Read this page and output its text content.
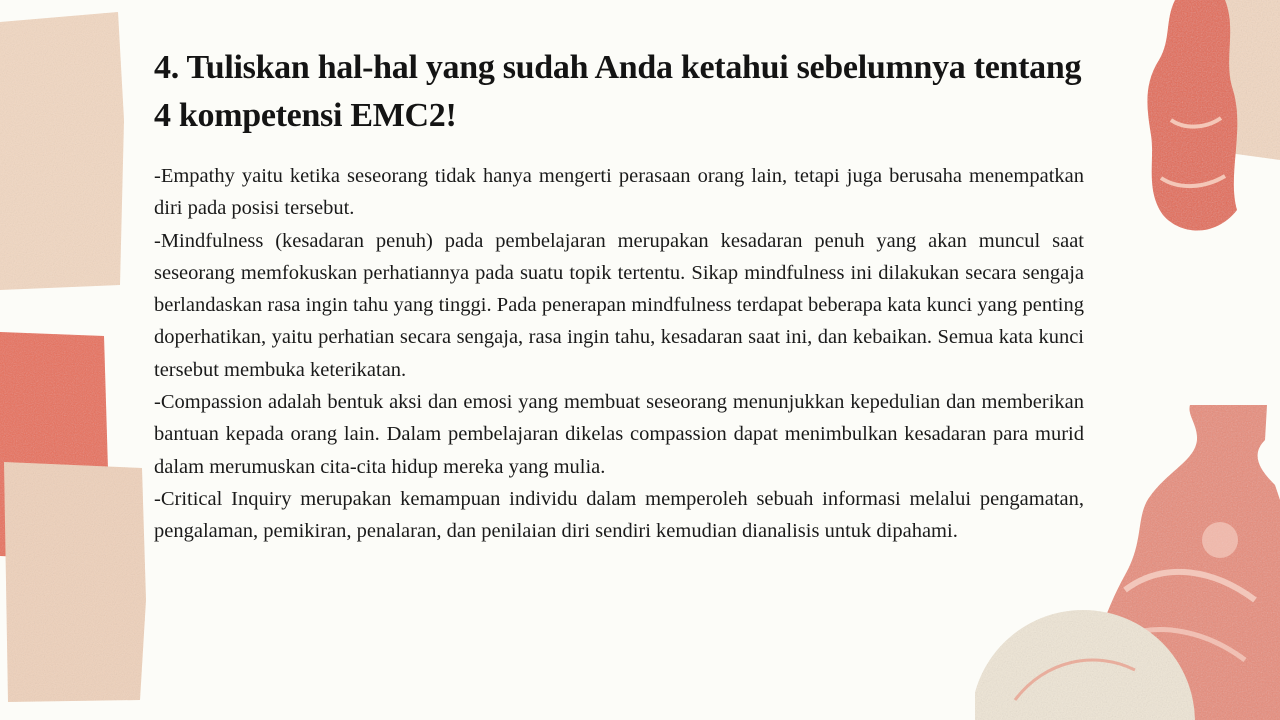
4. Tuliskan hal-hal yang sudah Anda ketahui sebelumnya tentang 4 kompetensi EMC2!

-Empathy yaitu ketika seseorang tidak hanya mengerti perasaan orang lain, tetapi juga berusaha menempatkan diri pada posisi tersebut.

-Mindfulness (kesadaran penuh) pada pembelajaran merupakan kesadaran penuh yang akan muncul saat seseorang memfokuskan perhatiannya pada suatu topik tertentu. Sikap mindfulness ini dilakukan secara sengaja berlandaskan rasa ingin tahu yang tinggi. Pada penerapan mindfulness terdapat beberapa kata kunci yang penting doperhatikan, yaitu perhatian secara sengaja, rasa ingin tahu, kesadaran saat ini, dan kebaikan. Semua kata kunci tersebut membuka keterikatan.

-Compassion adalah bentuk aksi dan emosi yang membuat seseorang menunjukkan kepedulian dan memberikan bantuan kepada orang lain. Dalam pembelajaran dikelas compassion dapat menimbulkan kesadaran para murid dalam merumuskan cita-cita hidup mereka yang mulia.

-Critical Inquiry merupakan kemampuan individu dalam memperoleh sebuah informasi melalui pengamatan, pengalaman, pemikiran, penalaran, dan penilaian diri sendiri kemudian dianalisis untuk dipahami.
